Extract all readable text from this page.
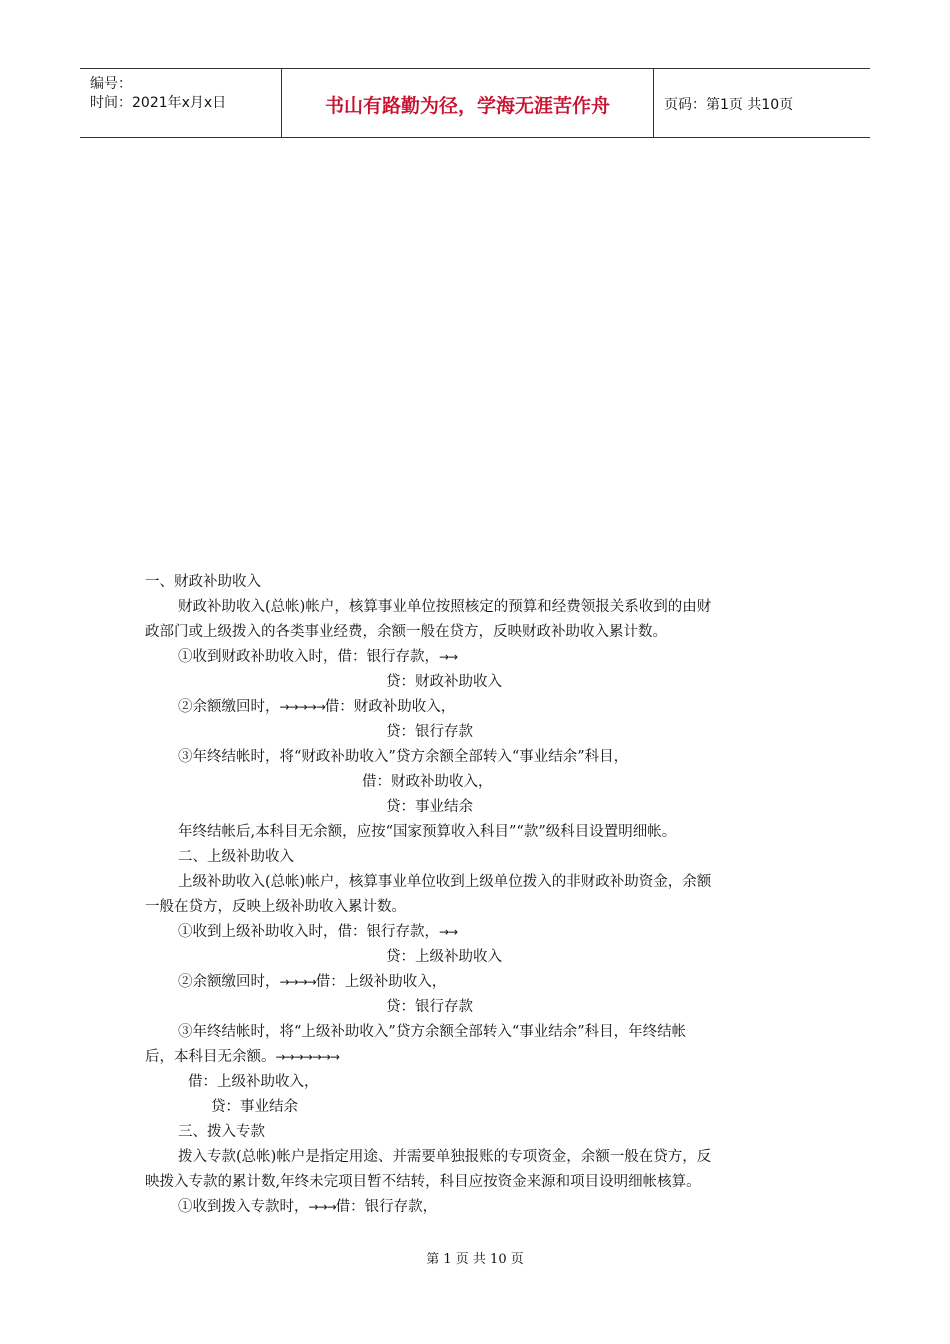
编号：
时间：2021年x月x日	书山有路勤为径，学海无涯苦作舟	页码：第1页 共10页
一、财政补助收入
财政补助收入(总帐)帐户，核算事业单位按照核定的预算和经费领报关系收到的由财
政部门或上级拨入的各类事业经费，余额一般在贷方，反映财政补助收入累计数。
①收到财政补助收入时，借：银行存款，→→
贷：财政补助收入
②余额缴回时，→→→→→借：财政补助收入，
贷：银行存款
③年终结帐时，将“财政补助收入”贷方余额全部转入“事业结余”科目，
借：财政补助收入，
贷：事业结余
年终结帐后,本科目无余额，应按“国家预算收入科目”“款”级科目设置明细帐。
二、上级补助收入
上级补助收入(总帐)帐户，核算事业单位收到上级单位拨入的非财政补助资金，余额
一般在贷方，反映上级补助收入累计数。
①收到上级补助收入时，借：银行存款，→→
贷：上级补助收入
②余额缴回时，→→→→借：上级补助收入，
贷：银行存款
③年终结帐时，将“上级补助收入”贷方余额全部转入“事业结余”科目，年终结帐
后，本科目无余额。→→→→→→→
借：上级补助收入，
贷：事业结余
三、拨入专款
拨入专款(总帐)帐户是指定用途、并需要单独报账的专项资金，余额一般在贷方，反
映拨入专款的累计数,年终未完项目暂不结转，科目应按资金来源和项目设明细帐核算。
①收到拨入专款时，→→→借：银行存款，
第 1 页 共 10 页
